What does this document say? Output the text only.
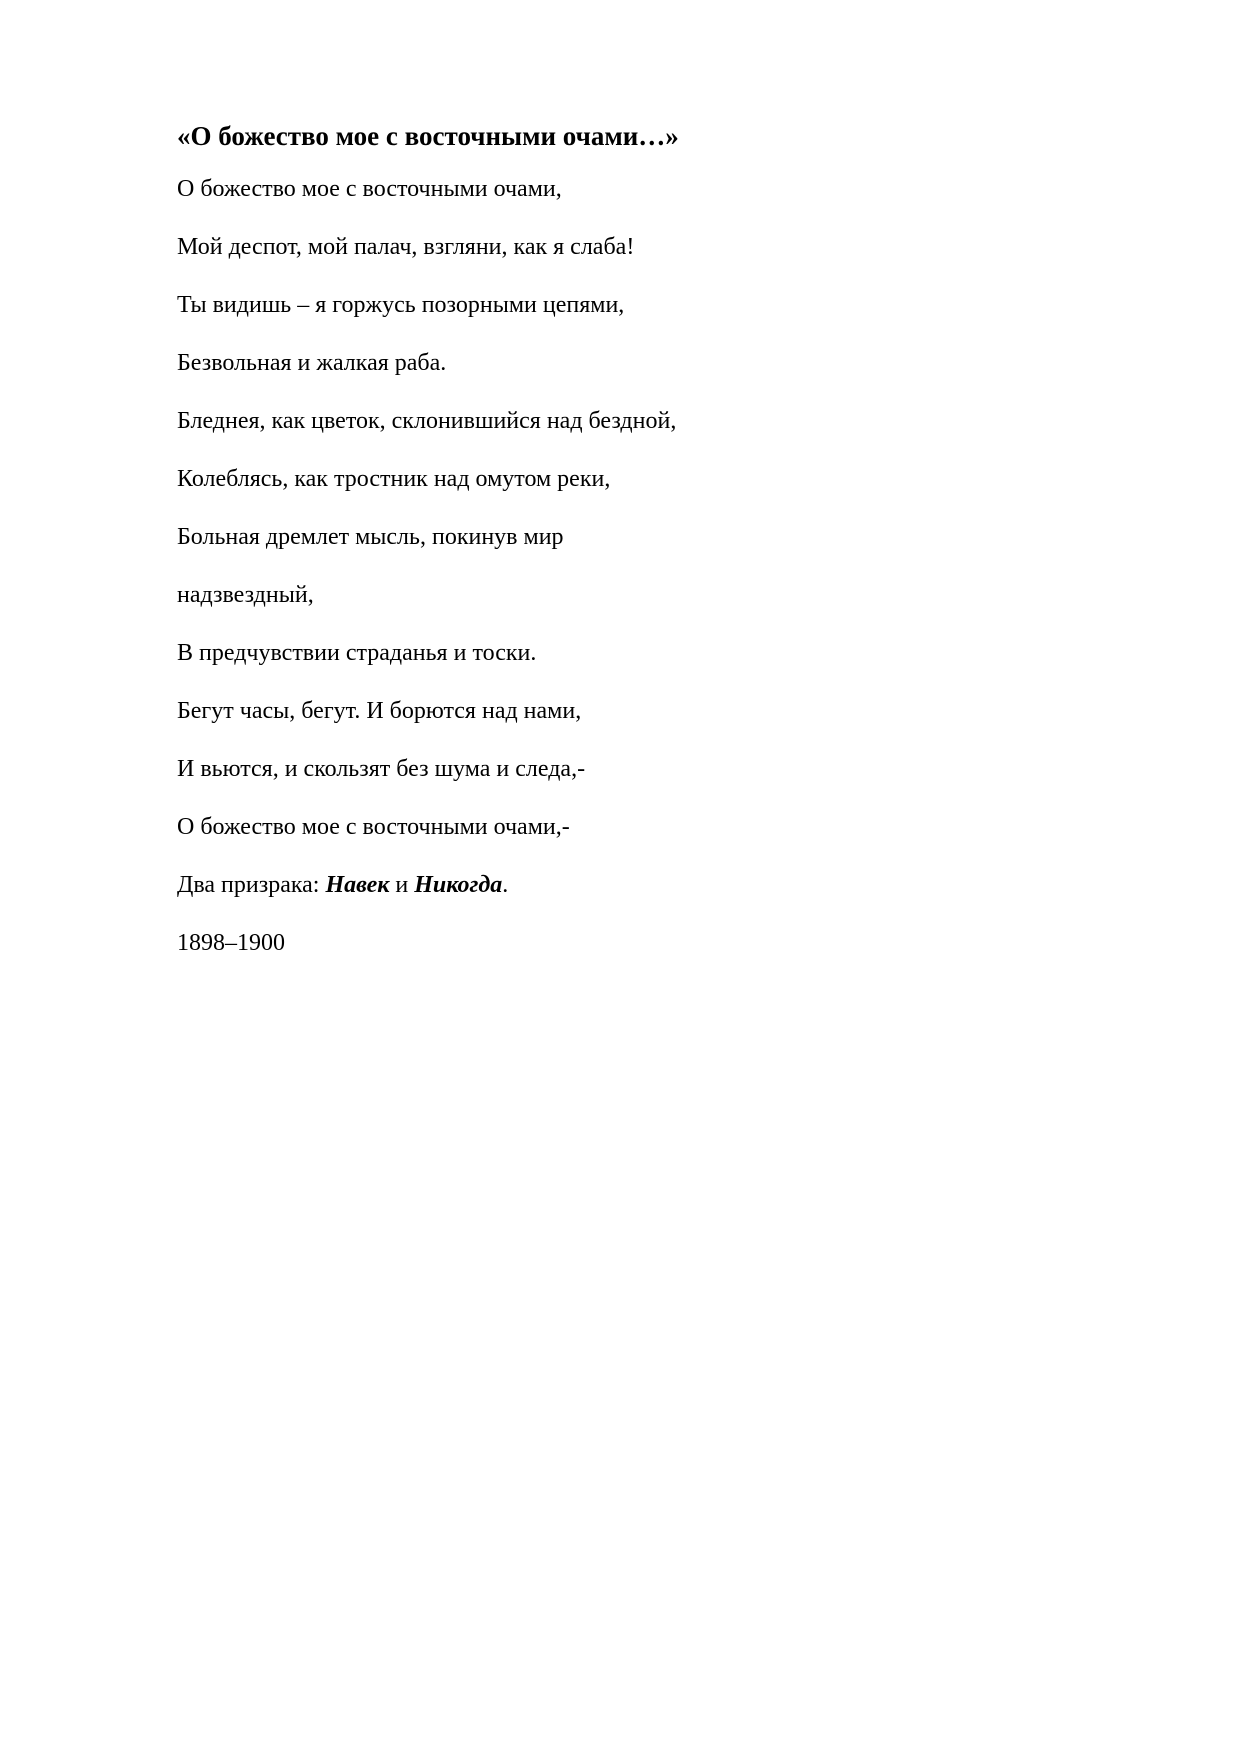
«О божество мое с восточными очами…»

О божество мое с восточными очами,

Мой деспот, мой палач, взгляни, как я слаба!

Ты видишь – я горжусь позорными цепями,

Безвольная и жалкая раба.

Бледнея, как цветок, склонившийся над бездной,

Колеблясь, как тростник над омутом реки,

Больная дремлет мысль, покинув мир

надзвездный,

В предчувствии страданья и тоски.

Бегут часы, бегут. И борются над нами,

И вьются, и скользят без шума и следа,-

О божество мое с восточными очами,-

Два призрака: Навек и Никогда.

1898–1900
